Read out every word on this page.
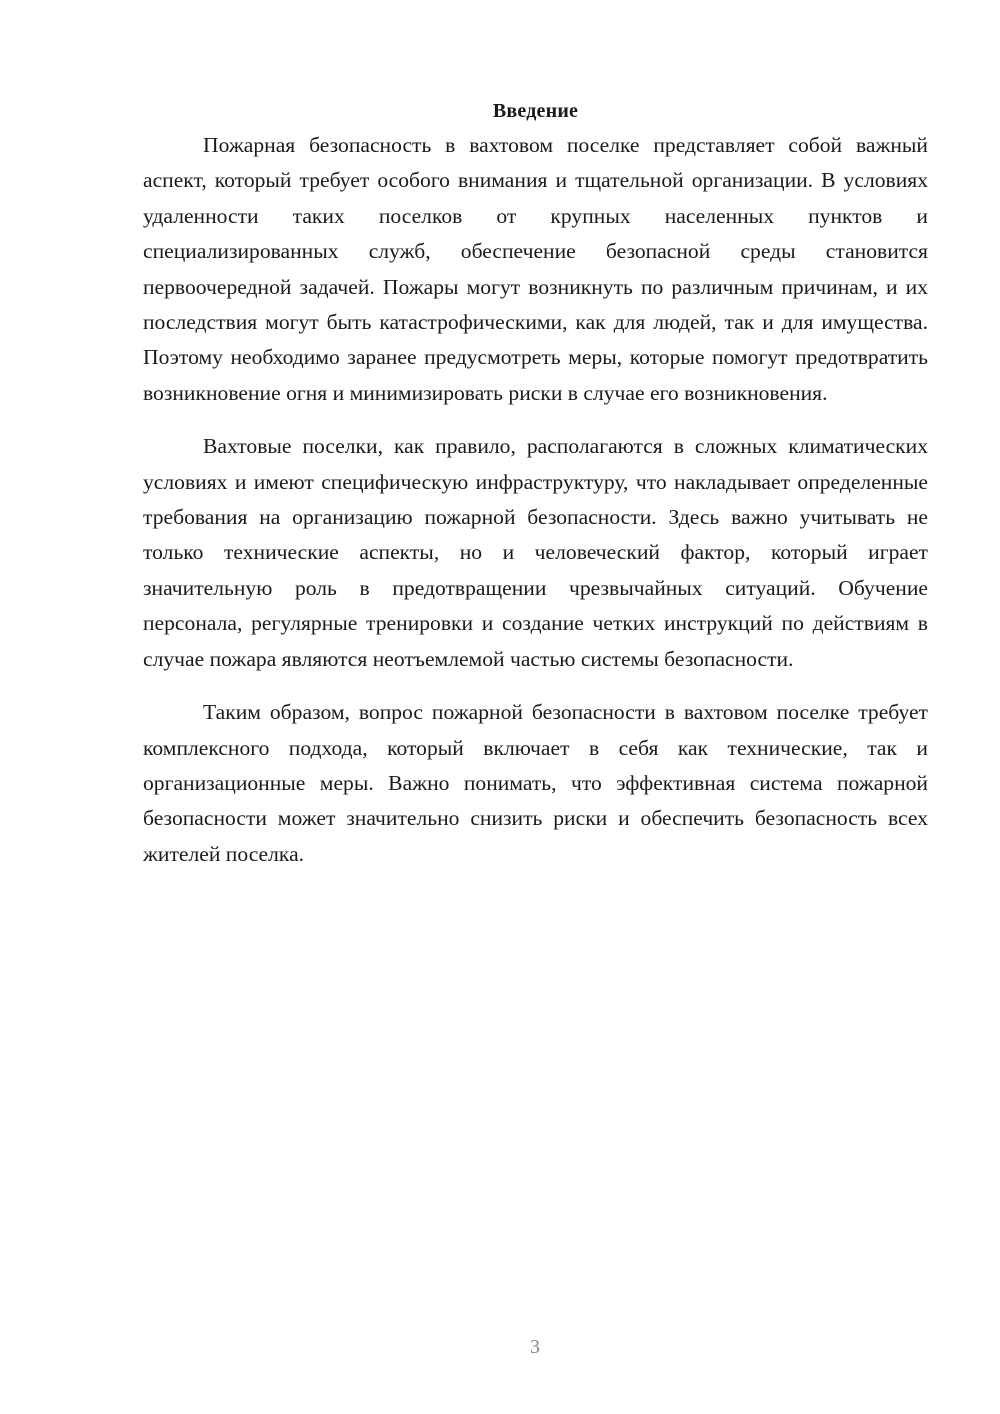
Введение

Пожарная безопасность в вахтовом поселке представляет собой важный аспект, который требует особого внимания и тщательной организации. В условиях удаленности таких поселков от крупных населенных пунктов и специализированных служб, обеспечение безопасной среды становится первоочередной задачей. Пожары могут возникнуть по различным причинам, и их последствия могут быть катастрофическими, как для людей, так и для имущества. Поэтому необходимо заранее предусмотреть меры, которые помогут предотвратить возникновение огня и минимизировать риски в случае его возникновения.

Вахтовые поселки, как правило, располагаются в сложных климатических условиях и имеют специфическую инфраструктуру, что накладывает определенные требования на организацию пожарной безопасности. Здесь важно учитывать не только технические аспекты, но и человеческий фактор, который играет значительную роль в предотвращении чрезвычайных ситуаций. Обучение персонала, регулярные тренировки и создание четких инструкций по действиям в случае пожара являются неотъемлемой частью системы безопасности.

Таким образом, вопрос пожарной безопасности в вахтовом поселке требует комплексного подхода, который включает в себя как технические, так и организационные меры. Важно понимать, что эффективная система пожарной безопасности может значительно снизить риски и обеспечить безопасность всех жителей поселка.

3
